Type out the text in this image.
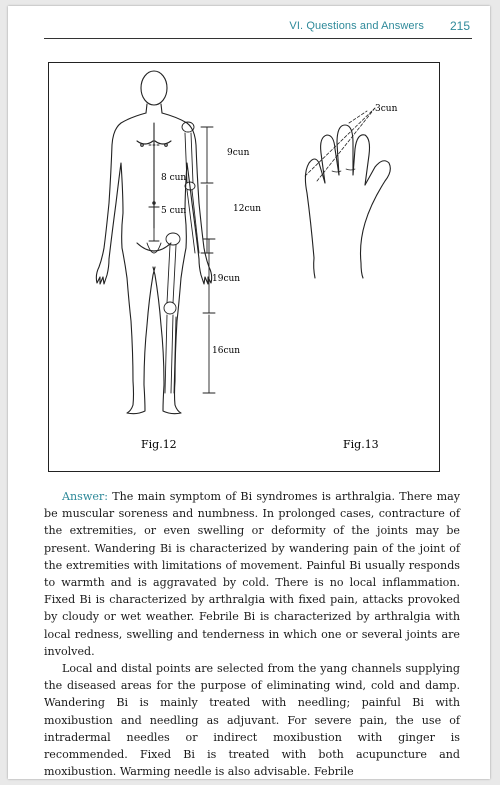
VI. Questions and Answers 215
9cun
8 cun
5 cun	12cun
19cun
16cun
3cun
Fig.12	Fig.13

Answer: The main symptom of Bi syndromes is arthralgia. There may be muscular soreness and numbness. In prolonged cases, contracture of the extremities, or even swelling or deformity of the joints may be present. Wandering Bi is characterized by wandering pain of the joint of the extremities with limitations of movement. Painful Bi usually responds to warmth and is aggravated by cold. There is no local inflammation. Fixed Bi is characterized by arthralgia with fixed pain, attacks provoked by cloudy or wet weather. Febrile Bi is characterized by arthralgia with local redness, swelling and tenderness in which one or several joints are involved.

Local and distal points are selected from the yang channels supplying the diseased areas for the purpose of eliminating wind, cold and damp. Wandering Bi is mainly treated with needling; painful Bi with moxibustion and needling as adjuvant. For severe pain, the use of intradermal needles or indirect moxibustion with ginger is recommended. Fixed Bi is treated with both acupuncture and moxibustion. Warming needle is also advisable. Febrile
